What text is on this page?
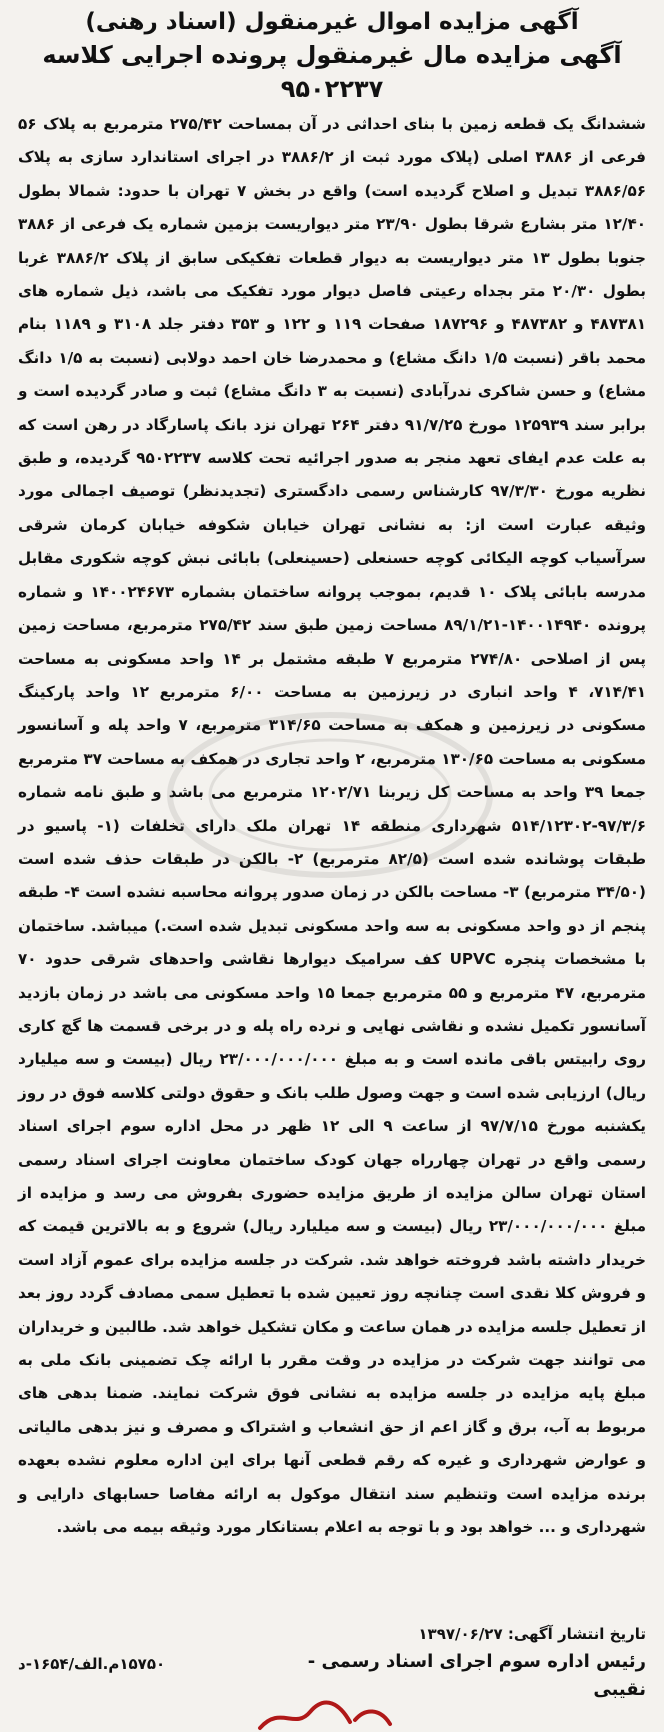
آگهی مزایده اموال غیرمنقول (اسناد رهنی)
آگهی مزایده مال غیرمنقول پرونده اجرایی کلاسه ۹۵۰۲۲۳۷

ششدانگ یک قطعه زمین با بنای احداثی در آن بمساحت ۲۷۵/۴۲ مترمربع به پلاک ۵۶ فرعی از ۳۸۸۶ اصلی (پلاک مورد ثبت از ۳۸۸۶/۲ در اجرای استاندارد سازی به پلاک ۳۸۸۶/۵۶ تبدیل و اصلاح گردیده است) واقع در بخش ۷ تهران با حدود: شمالا بطول ۱۲/۴۰ متر بشارع شرقا بطول ۲۳/۹۰ متر دیواریست بزمین شماره یک فرعی از ۳۸۸۶ جنوبا بطول ۱۳ متر دیواریست به دیوار قطعات تفکیکی سابق از پلاک ۳۸۸۶/۲ غربا بطول ۲۰/۳۰ متر بجداه رعیتی فاصل دیوار مورد تفکیک می باشد، ذیل شماره های ۴۸۷۳۸۱ و ۴۸۷۳۸۲ و ۱۸۷۲۹۶ صفحات ۱۱۹ و ۱۲۲ و ۳۵۳ دفتر جلد ۳۱۰۸ و ۱۱۸۹ بنام محمد باقر (نسبت ۱/۵ دانگ مشاع) و محمدرضا خان احمد دولابی (نسبت به ۱/۵ دانگ مشاع) و حسن شاکری ندرآبادی (نسبت به ۳ دانگ مشاع) ثبت و صادر گردیده است و برابر سند ۱۲۵۹۳۹ مورخ ۹۱/۷/۲۵ دفتر ۲۶۴ تهران نزد بانک پاسارگاد در رهن است که به علت عدم ایفای تعهد منجر به صدور اجرائیه تحت کلاسه ۹۵۰۲۲۳۷ گردیده، و طبق نظریه مورخ ۹۷/۳/۳۰ کارشناس رسمی دادگستری (تجدیدنظر) توصیف اجمالی مورد وثیقه عبارت است از: به نشانی تهران خیابان شکوفه خیابان کرمان شرقی سرآسیاب کوچه الیکائی کوچه حسنعلی (حسینعلی) بابائی نبش کوچه شکوری مقابل مدرسه بابائی پلاک ۱۰ قدیم، بموجب پروانه ساختمان بشماره ۱۴۰۰۲۴۶۷۳ و شماره پرونده ۱۴۰۰۱۴۹۴۰-۸۹/۱/۲۱ مساحت زمین طبق سند ۲۷۵/۴۲ مترمربع، مساحت زمین پس از اصلاحی ۲۷۴/۸۰ مترمربع ۷ طبقه مشتمل بر ۱۴ واحد مسکونی به مساحت ۷۱۴/۴۱، ۴ واحد انباری در زیرزمین به مساحت ۶/۰۰ مترمربع ۱۲ واحد پارکینگ مسکونی در زیرزمین و همکف به مساحت ۳۱۴/۶۵ مترمربع، ۷ واحد پله و آسانسور مسکونی به مساحت ۱۳۰/۶۵ مترمربع، ۲ واحد تجاری در همکف به مساحت ۳۷ مترمربع جمعا ۳۹ واحد به مساحت کل زیربنا ۱۲۰۲/۷۱ مترمربع می باشد و طبق نامه شماره ۹۷/۳/۶-۵۱۴/۱۲۳۰۲ شهرداری منطقه ۱۴ تهران ملک دارای تخلفات (۱- پاسیو در طبقات پوشانده شده است (۸۲/۵ مترمربع) ۲- بالکن در طبقات حذف شده است (۳۴/۵۰ مترمربع) ۳- مساحت بالکن در زمان صدور پروانه محاسبه نشده است ۴- طبقه پنجم از دو واحد مسکونی به سه واحد مسکونی تبدیل شده است.) میباشد. ساختمان با مشخصات پنجره UPVC کف سرامیک دیوارها نقاشی واحدهای شرقی حدود ۷۰ مترمربع، ۴۷ مترمربع و ۵۵ مترمربع جمعا ۱۵ واحد مسکونی می باشد در زمان بازدید آسانسور تکمیل نشده و نقاشی نهایی و نرده راه پله و در برخی قسمت ها گچ کاری روی رابیتس باقی مانده است و به مبلغ ۲۳/۰۰۰/۰۰۰/۰۰۰ ریال (بیست و سه میلیارد ریال) ارزیابی شده است و جهت وصول طلب بانک و حقوق دولتی کلاسه فوق در روز یکشنبه مورخ ۹۷/۷/۱۵ از ساعت ۹ الی ۱۲ ظهر در محل اداره سوم اجرای اسناد رسمی واقع در تهران چهارراه جهان کودک ساختمان معاونت اجرای اسناد رسمی استان تهران سالن مزایده از طریق مزایده حضوری بفروش می رسد و مزایده از مبلغ ۲۳/۰۰۰/۰۰۰/۰۰۰ ریال (بیست و سه میلیارد ریال) شروع و به بالاترین قیمت که خریدار داشته باشد فروخته خواهد شد. شرکت در جلسه مزایده برای عموم آزاد است و فروش کلا نقدی است چنانچه روز تعیین شده با تعطیل سمی مصادف گردد روز بعد از تعطیل جلسه مزایده در همان ساعت و مکان تشکیل خواهد شد. طالبین و خریداران می توانند جهت شرکت در مزایده در وقت مقرر با ارائه چک تضمینی بانک ملی به مبلغ پایه مزایده در جلسه مزایده به نشانی فوق شرکت نمایند. ضمنا بدهی های مربوط به آب، برق و گاز اعم از حق انشعاب و اشتراک و مصرف و نیز بدهی مالیاتی و عوارض شهرداری و غیره که رقم قطعی آنها برای این اداره معلوم نشده بعهده برنده مزایده است وتنظیم سند انتقال موکول به ارائه مفاصا حسابهای دارایی و شهرداری و ... خواهد بود و با توجه به اعلام بستانکار مورد وثیقه بیمه می باشد.

تاریخ انتشار آگهی: ۱۳۹۷/۰۶/۲۷

رئیس اداره سوم اجرای اسناد رسمی -

نقیبی

۱۵۷۵۰م.الف/۱۶۵۴-د
